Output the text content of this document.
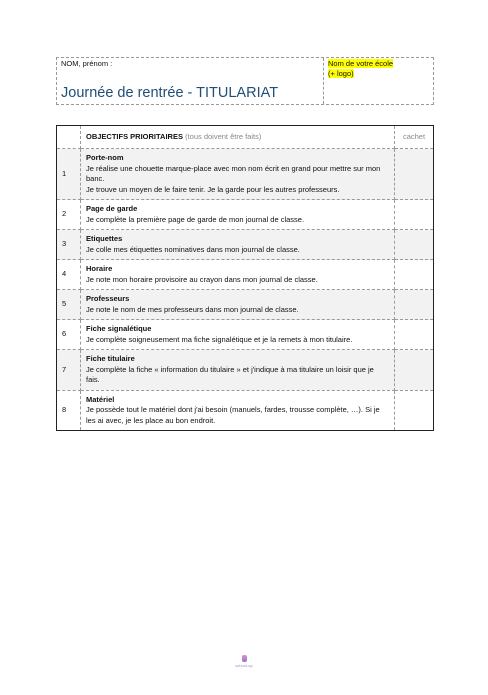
NOM, prénom :
Journée de rentrée - TITULARIAT
Nom de votre école
(+ logo)
	OBJECTIFS PRIORITAIRES (tous doivent être faits)	cachet
1	Porte-nom
Je réalise une chouette marque-place avec mon nom écrit en grand pour mettre sur mon banc.
Je trouve un moyen de le faire tenir. Je la garde pour les autres professeurs.	

2	Page de garde
Je complète la première page de garde de mon journal de classe.	

3	Etiquettes
Je colle mes étiquettes nominatives dans mon journal de classe.	

4	Horaire
Je note mon horaire provisoire au crayon dans mon journal de classe.	

5	Professeurs
Je note le nom de mes professeurs dans mon journal de classe.	

6	Fiche signalétique
Je complète soigneusement ma fiche signalétique et je la remets à mon titulaire.	

7	Fiche titulaire
Je complète la fiche « information du titulaire » et j'indique à ma titulaire un loisir que je fais.	

8	Matériel
Je possède tout le matériel dont j'ai besoin (manuels, fardes, trousse complète, …). Si je les ai avec, je les place au bon endroit.	

school-up
